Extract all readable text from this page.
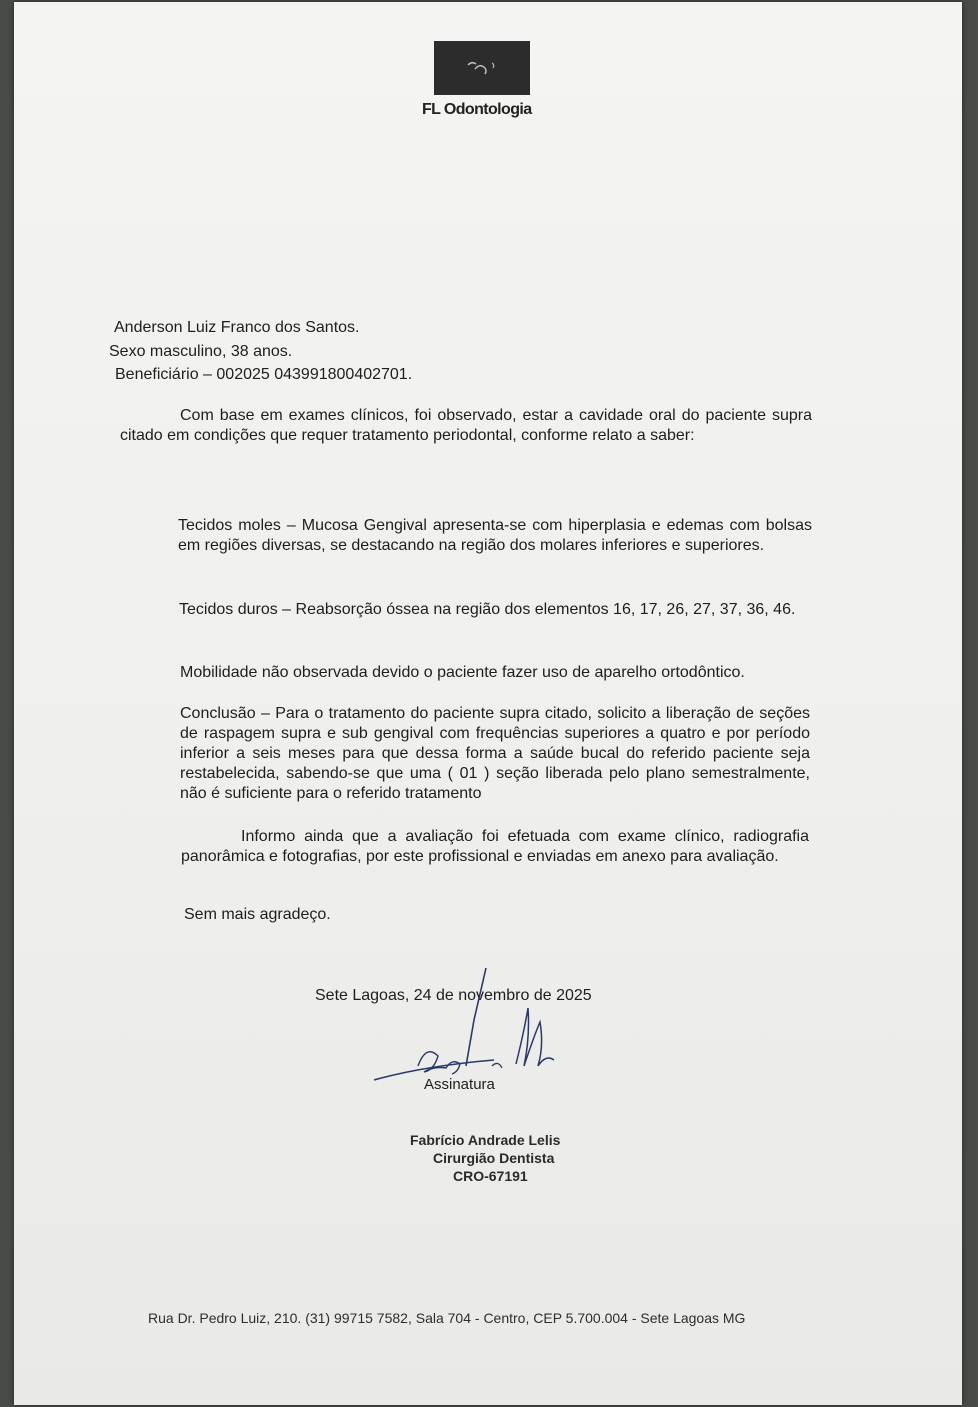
FL Odontologia
Anderson Luiz Franco dos Santos.
Sexo masculino, 38 anos.
Beneficiário – 002025 043991800402701.
Com base em exames clínicos, foi observado, estar a cavidade oral do paciente supra citado em condições que requer tratamento periodontal, conforme relato a saber:
Tecidos moles – Mucosa Gengival apresenta-se com hiperplasia e edemas com bolsas em regiões diversas, se destacando na região dos molares inferiores e superiores.
Tecidos duros – Reabsorção óssea na região dos elementos 16, 17, 26, 27, 37, 36, 46.
Mobilidade não observada devido o paciente fazer uso de aparelho ortodôntico.
Conclusão – Para o tratamento do paciente supra citado, solicito a liberação de seções de raspagem supra e sub gengival com frequências superiores a quatro e por período inferior a seis meses para que dessa forma a saúde bucal do referido paciente seja restabelecida, sabendo-se que uma ( 01 ) seção liberada pelo plano semestralmente, não é suficiente para o referido tratamento
Informo ainda que a avaliação foi efetuada com exame clínico, radiografia panorâmica e fotografias, por este profissional e enviadas em anexo para avaliação.
Sem mais agradeço.
Sete Lagoas, 24 de novembro de 2025
Assinatura
Fabrício Andrade Lelis
Cirurgião Dentista
CRO-67191
Rua Dr. Pedro Luiz, 210. (31) 99715 7582, Sala 704 - Centro, CEP 5.700.004 - Sete Lagoas MG
